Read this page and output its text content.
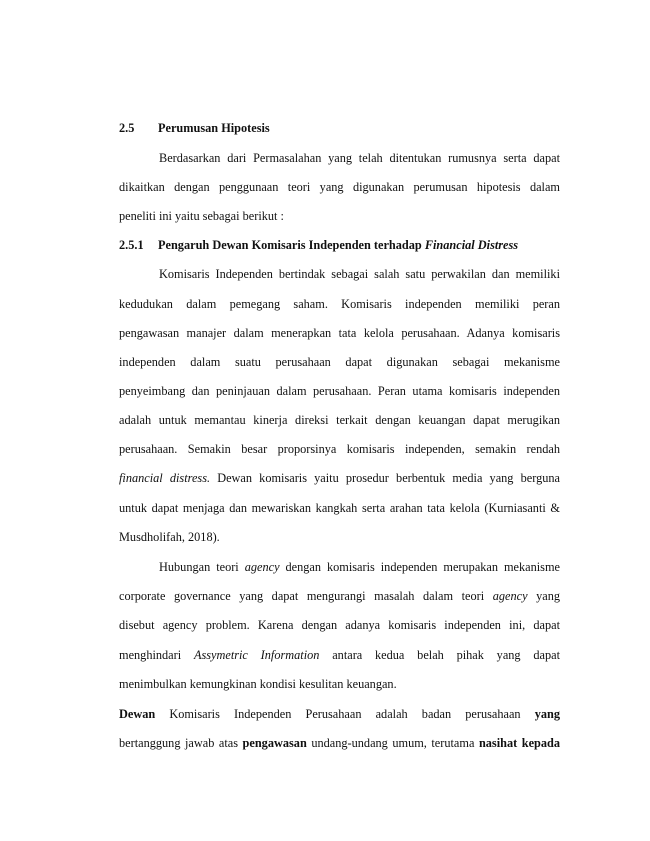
2.5 Perumusan Hipotesis
Berdasarkan dari Permasalahan yang telah ditentukan rumusnya serta dapat
dikaitkan dengan penggunaan teori yang digunakan perumusan hipotesis dalam
peneliti ini yaitu sebagai berikut :
2.5.1 Pengaruh Dewan Komisaris Independen terhadap Financial Distress
Komisaris Independen bertindak sebagai salah satu perwakilan dan memiliki
kedudukan dalam pemegang saham. Komisaris independen memiliki peran
pengawasan manajer dalam menerapkan tata kelola perusahaan. Adanya komisaris
independen dalam suatu perusahaan dapat digunakan sebagai mekanisme
penyeimbang dan peninjauan dalam perusahaan. Peran utama komisaris independen
adalah untuk memantau kinerja direksi terkait dengan keuangan dapat merugikan
perusahaan. Semakin besar proporsinya komisaris independen, semakin rendah
financial distress. Dewan komisaris yaitu prosedur berbentuk media yang berguna
untuk dapat menjaga dan mewariskan kangkah serta arahan tata kelola (Kurniasanti &
Musdholifah, 2018).
Hubungan teori agency dengan komisaris independen merupakan mekanisme
corporate governance yang dapat mengurangi masalah dalam teori agency yang
disebut agency problem. Karena dengan adanya komisaris independen ini, dapat
menghindari Assymetric Information antara kedua belah pihak yang dapat
menimbulkan kemungkinan kondisi kesulitan keuangan.
Dewan Komisaris Independen Perusahaan adalah badan perusahaan yang
bertanggung jawab atas pengawasan undang-undang umum, terutama nasihat kepada
